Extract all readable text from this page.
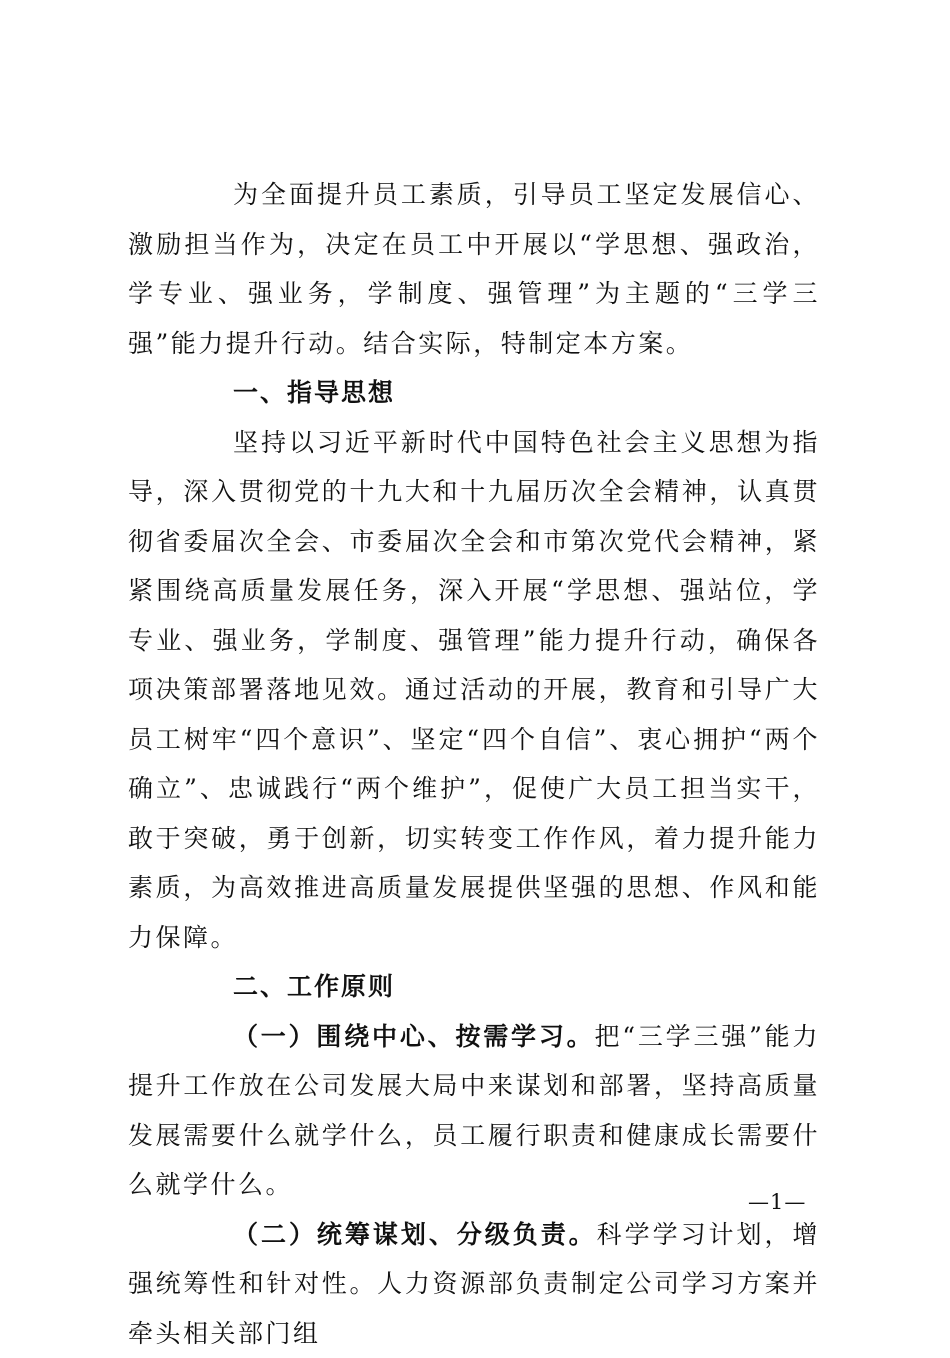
为全面提升员工素质，引导员工坚定发展信心、激励担当作为，决定在员工中开展以“学思想、强政治，学专业、强业务，学制度、强管理”为主题的“三学三强”能力提升行动。结合实际，特制定本方案。

一、指导思想

坚持以习近平新时代中国特色社会主义思想为指导，深入贯彻党的十九大和十九届历次全会精神，认真贯彻省委届次全会、市委届次全会和市第次党代会精神，紧紧围绕高质量发展任务，深入开展“学思想、强站位，学专业、强业务，学制度、强管理”能力提升行动，确保各项决策部署落地见效。通过活动的开展，教育和引导广大员工树牢“四个意识”、坚定“四个自信”、衷心拥护“两个确立”、忠诚践行“两个维护”，促使广大员工担当实干，敢于突破，勇于创新，切实转变工作作风，着力提升能力素质，为高效推进高质量发展提供坚强的思想、作风和能力保障。

二、工作原则

（一）围绕中心、按需学习。把“三学三强”能力提升工作放在公司发展大局中来谋划和部署，坚持高质量发展需要什么就学什么，员工履行职责和健康成长需要什么就学什么。

（二）统筹谋划、分级负责。科学学习计划，增强统筹性和针对性。人力资源部负责制定公司学习方案并牵头相关部门组

—1—
